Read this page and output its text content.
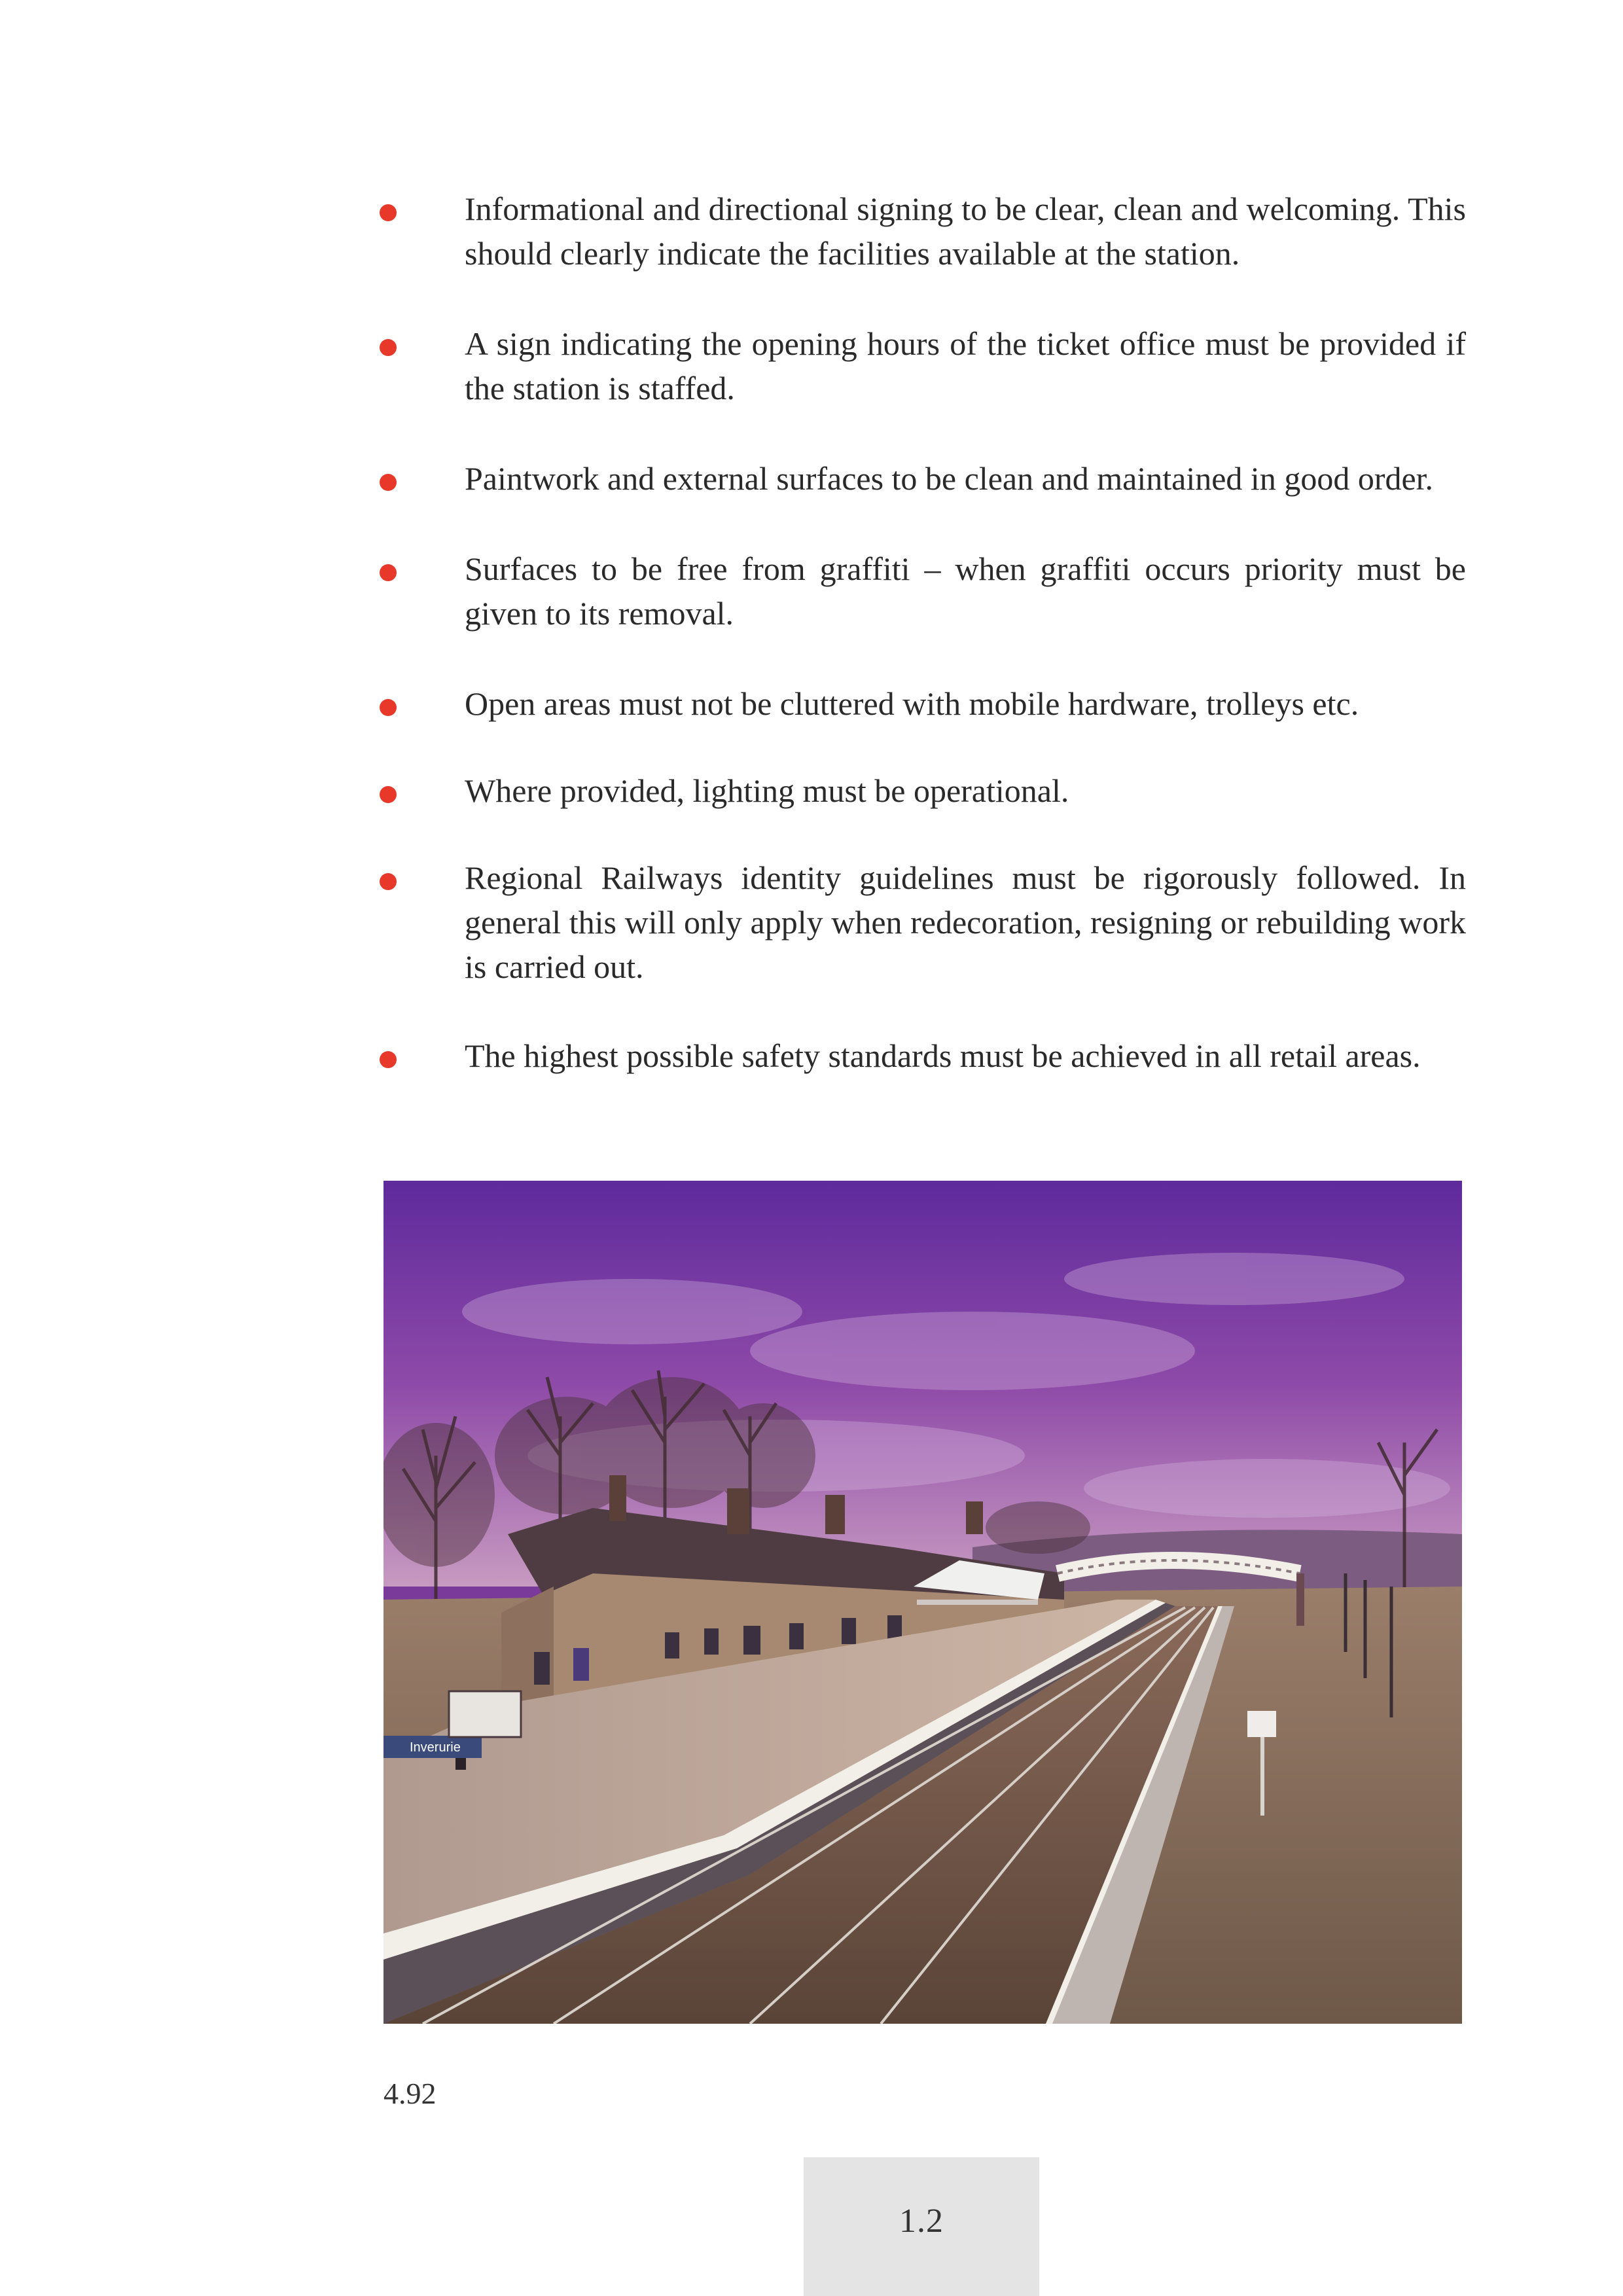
Informational and directional signing to be clear, clean and welcoming. This should clearly indicate the facilities available at the station.
A sign indicating the opening hours of the ticket office must be provided if the station is staffed.
Paintwork and external surfaces to be clean and maintained in good order.
Surfaces to be free from graffiti – when graffiti occurs priority must be given to its removal.
Open areas must not be cluttered with mobile hardware, trolleys etc.
Where provided, lighting must be operational.
Regional Railways identity guidelines must be rigorously followed. In general this will only apply when redecoration, resigning or rebuilding work is carried out.
The highest possible safety standards must be achieved in all retail areas.
Inverurie
4.92
1.2
